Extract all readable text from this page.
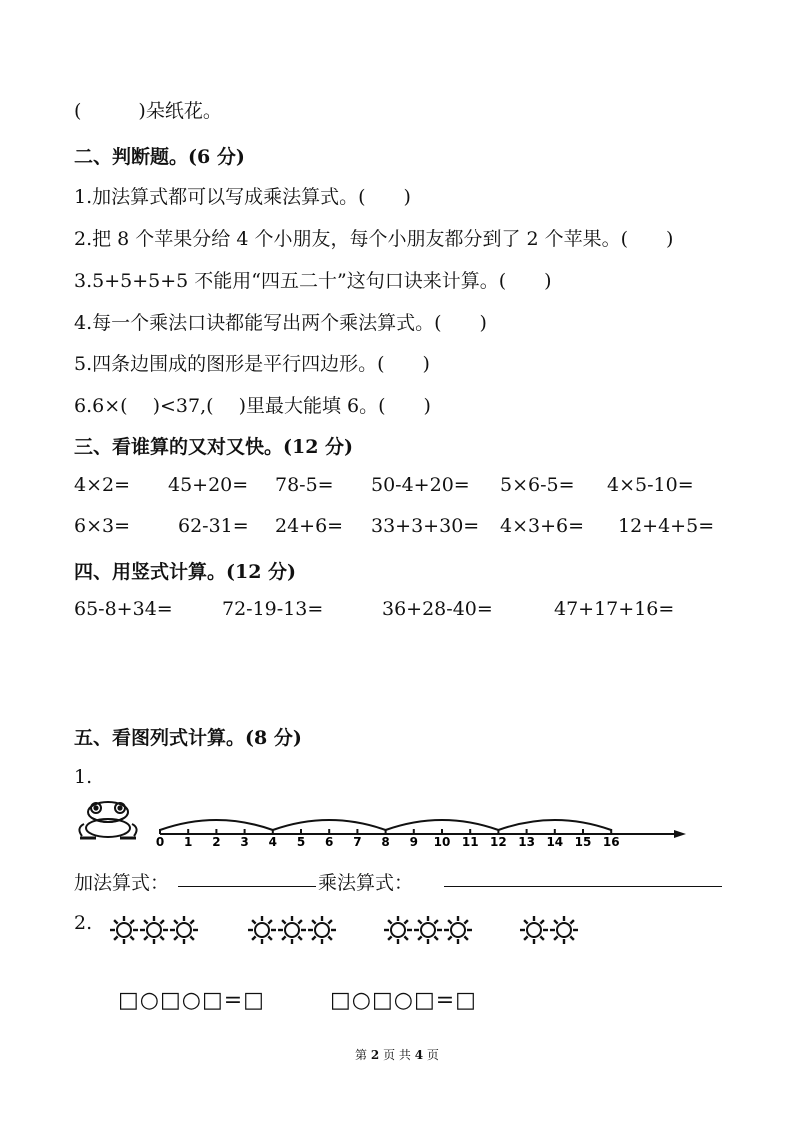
(　　　)朵纸花。
二、判断题。(6 分)
1.加法算式都可以写成乘法算式。(　　)
2.把 8 个苹果分给 4 个小朋友，每个小朋友都分到了 2 个苹果。(　　)
3.5+5+5+5 不能用“四五二十”这句口诀来计算。(　　)
4.每一个乘法口诀都能写出两个乘法算式。(　　)
5.四条边围成的图形是平行四边形。(　　)
6.6×(　 )<37,(　 )里最大能填 6。(　　)
三、看谁算的又对又快。(12 分)
4×2= 45+20= 78-5= 50-4+20= 5×6-5= 4×5-10=
6×3=	62-31= 24+6= 33+3+30= 4×3+6= 12+4+5=
四、用竖式计算。(12 分)
65-8+34=	72-19-13=	36+28-40=	47+17+16=
五、看图列式计算。(8 分)
1.
0 1 2 3 4 5 6 7 8 9 10 11 12 13 14 15 16
加法算式：	乘法算式：
2.
□○□○□=□	□○□○□=□
第 2 页 共 4 页
